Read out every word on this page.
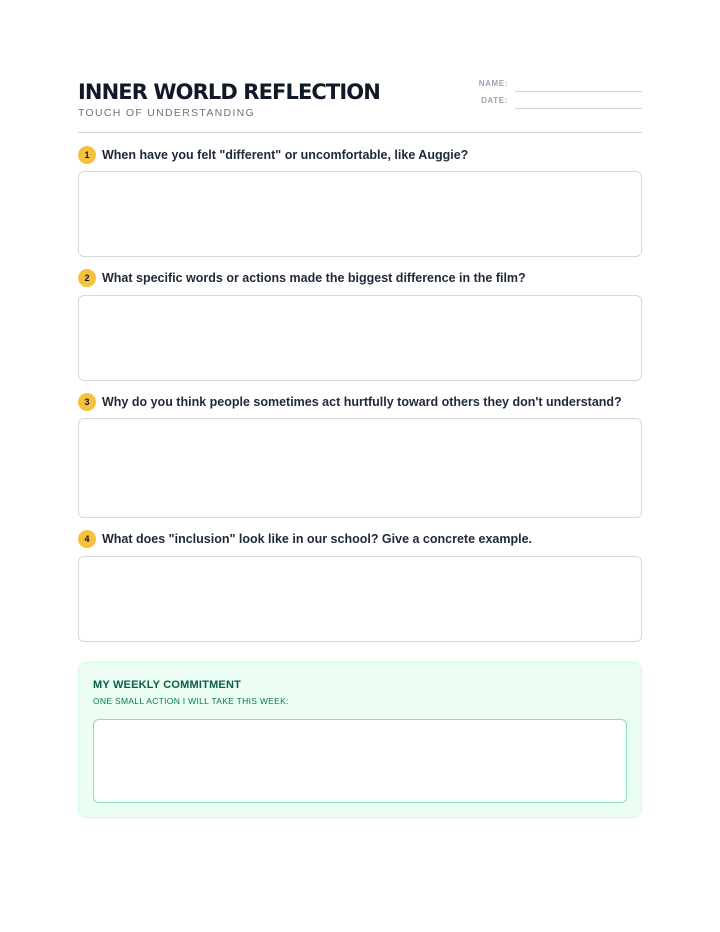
INNER WORLD REFLECTION
TOUCH OF UNDERSTANDING
NAME:
DATE:
1	When have you felt "different" or uncomfortable, like Auggie?
2	What specific words or actions made the biggest difference in the film?
3	Why do you think people sometimes act hurtfully toward others they don't understand?
4	What does "inclusion" look like in our school? Give a concrete example.
MY WEEKLY COMMITMENT
ONE SMALL ACTION I WILL TAKE THIS WEEK:
